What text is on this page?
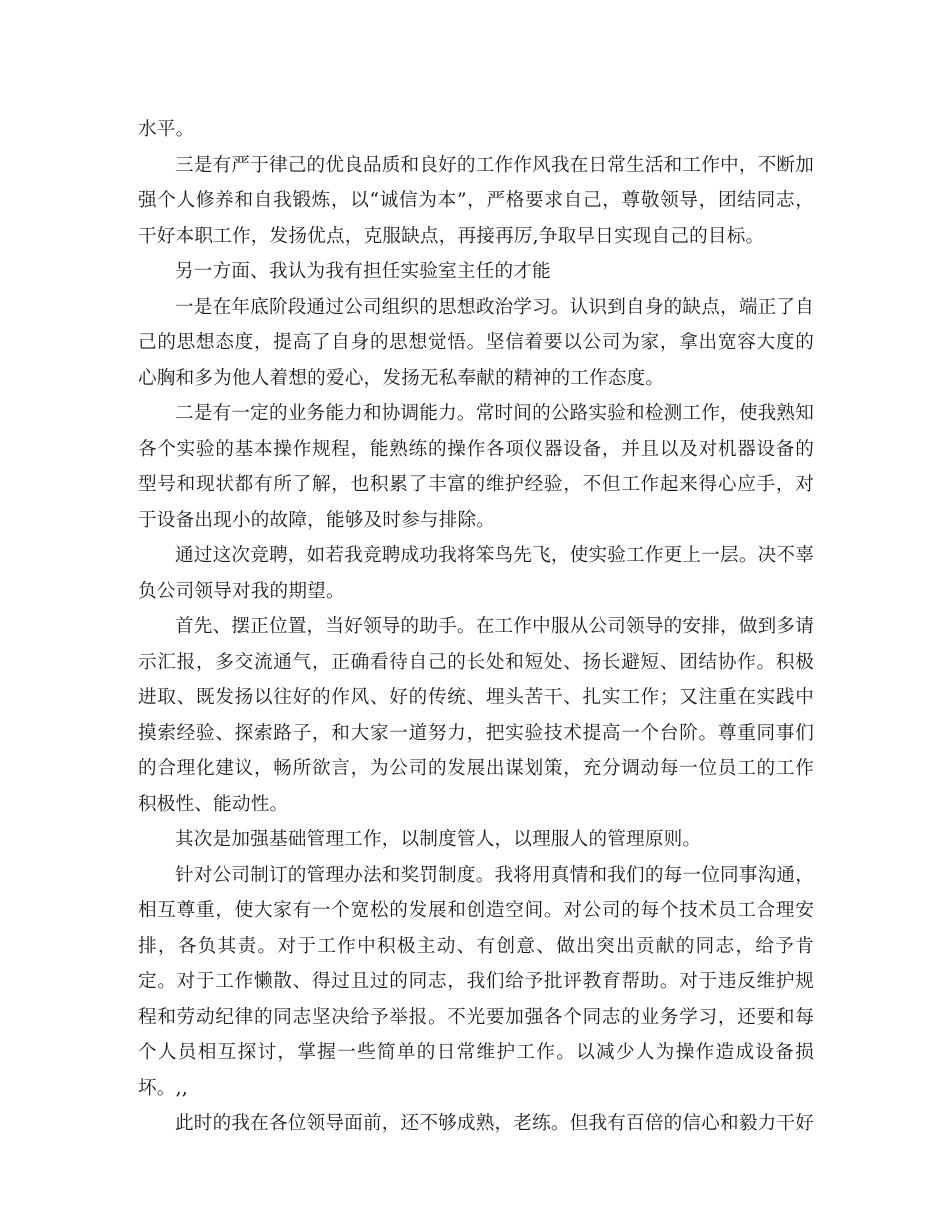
水平。

三是有严于律己的优良品质和良好的工作作风我在日常生活和工作中，不断加强个人修养和自我锻炼，以“诚信为本”，严格要求自己，尊敬领导，团结同志，干好本职工作，发扬优点，克服缺点，再接再厉,争取早日实现自己的目标。

另一方面、我认为我有担任实验室主任的才能

一是在年底阶段通过公司组织的思想政治学习。认识到自身的缺点，端正了自己的思想态度，提高了自身的思想觉悟。坚信着要以公司为家，拿出宽容大度的心胸和多为他人着想的爱心，发扬无私奉献的精神的工作态度。

二是有一定的业务能力和协调能力。常时间的公路实验和检测工作，使我熟知各个实验的基本操作规程，能熟练的操作各项仪器设备，并且以及对机器设备的型号和现状都有所了解，也积累了丰富的维护经验，不但工作起来得心应手，对于设备出现小的故障，能够及时参与排除。

通过这次竞聘，如若我竞聘成功我将笨鸟先飞，使实验工作更上一层。决不辜负公司领导对我的期望。

首先、摆正位置，当好领导的助手。在工作中服从公司领导的安排，做到多请示汇报，多交流通气，正确看待自己的长处和短处、扬长避短、团结协作。积极进取、既发扬以往好的作风、好的传统、埋头苦干、扎实工作；又注重在实践中摸索经验、探索路子，和大家一道努力，把实验技术提高一个台阶。尊重同事们的合理化建议，畅所欲言，为公司的发展出谋划策，充分调动每一位员工的工作积极性、能动性。

其次是加强基础管理工作，以制度管人，以理服人的管理原则。

针对公司制订的管理办法和奖罚制度。我将用真情和我们的每一位同事沟通，相互尊重，使大家有一个宽松的发展和创造空间。对公司的每个技术员工合理安排，各负其责。对于工作中积极主动、有创意、做出突出贡献的同志，给予肯定。对于工作懒散、得过且过的同志，我们给予批评教育帮助。对于违反维护规程和劳动纪律的同志坚决给予举报。不光要加强各个同志的业务学习，还要和每个人员相互探讨，掌握一些简单的日常维护工作。以减少人为操作造成设备损坏。,,

此时的我在各位领导面前，还不够成熟，老练。但我有百倍的信心和毅力干好
